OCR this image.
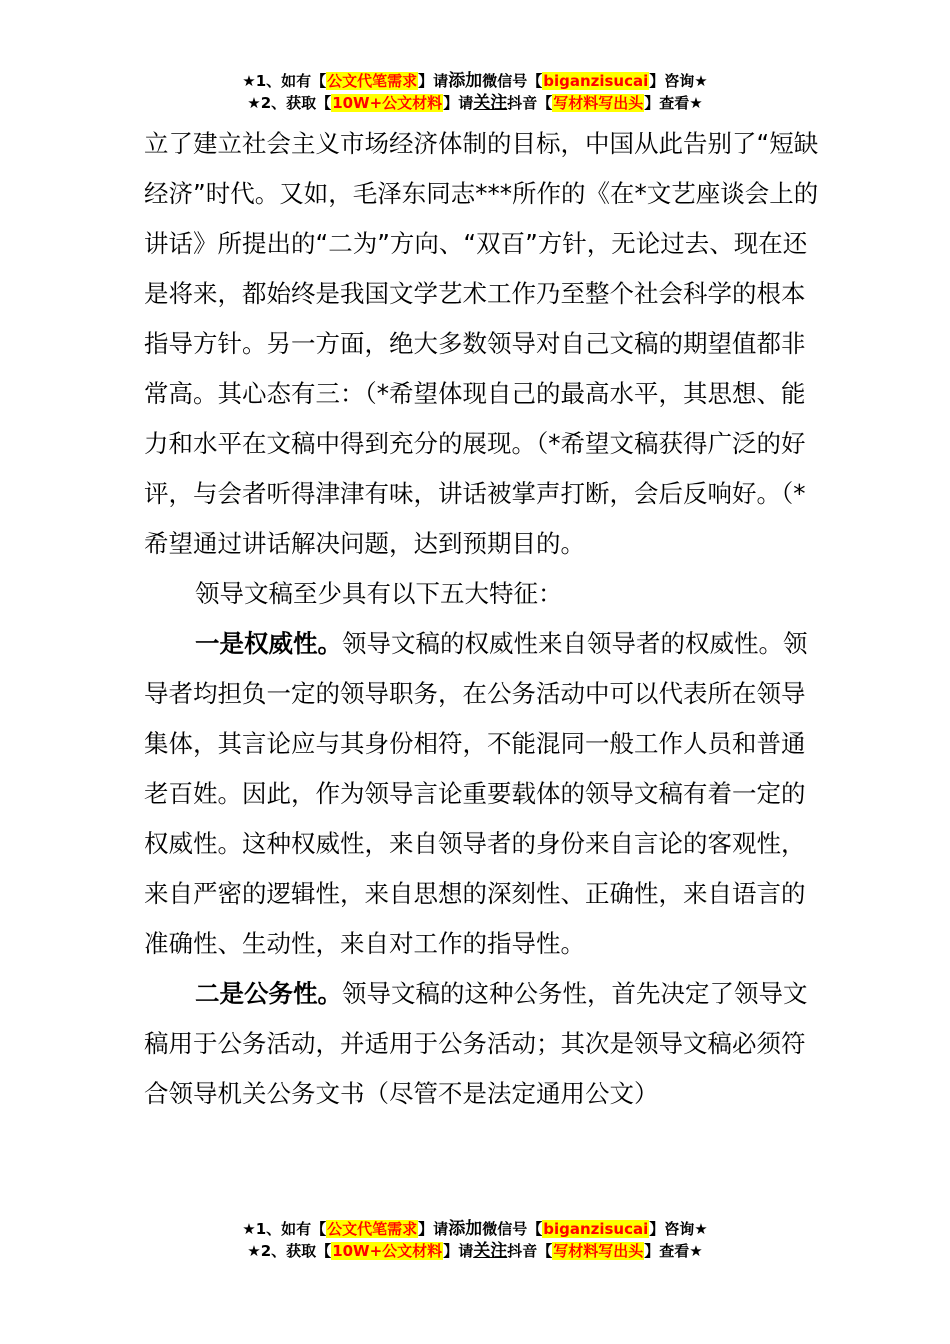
★1、如有【公文代笔需求】请添加微信号【biganzisucai】咨询★
★2、获取【10W+公文材料】请关注抖音【写材料写出头】查看★

立了建立社会主义市场经济体制的目标，中国从此告别了“短缺经济”时代。又如，毛泽东同志***所作的《在*文艺座谈会上的讲话》所提出的“二为”方向、“双百”方针，无论过去、现在还是将来，都始终是我国文学艺术工作乃至整个社会科学的根本指导方针。另一方面，绝大多数领导对自己文稿的期望值都非常高。其心态有三：（*希望体现自己的最高水平，其思想、能力和水平在文稿中得到充分的展现。（*希望文稿获得广泛的好评，与会者听得津津有味，讲话被掌声打断，会后反响好。（*希望通过讲话解决问题，达到预期目的。

领导文稿至少具有以下五大特征：

一是权威性。领导文稿的权威性来自领导者的权威性。领导者均担负一定的领导职务，在公务活动中可以代表所在领导集体，其言论应与其身份相符，不能混同一般工作人员和普通老百姓。因此，作为领导言论重要载体的领导文稿有着一定的权威性。这种权威性，来自领导者的身份来自言论的客观性，来自严密的逻辑性，来自思想的深刻性、正确性，来自语言的准确性、生动性，来自对工作的指导性。

二是公务性。领导文稿的这种公务性，首先决定了领导文稿用于公务活动，并适用于公务活动；其次是领导文稿必须符合领导机关公务文书（尽管不是法定通用公文）

★1、如有【公文代笔需求】请添加微信号【biganzisucai】咨询★
★2、获取【10W+公文材料】请关注抖音【写材料写出头】查看★
